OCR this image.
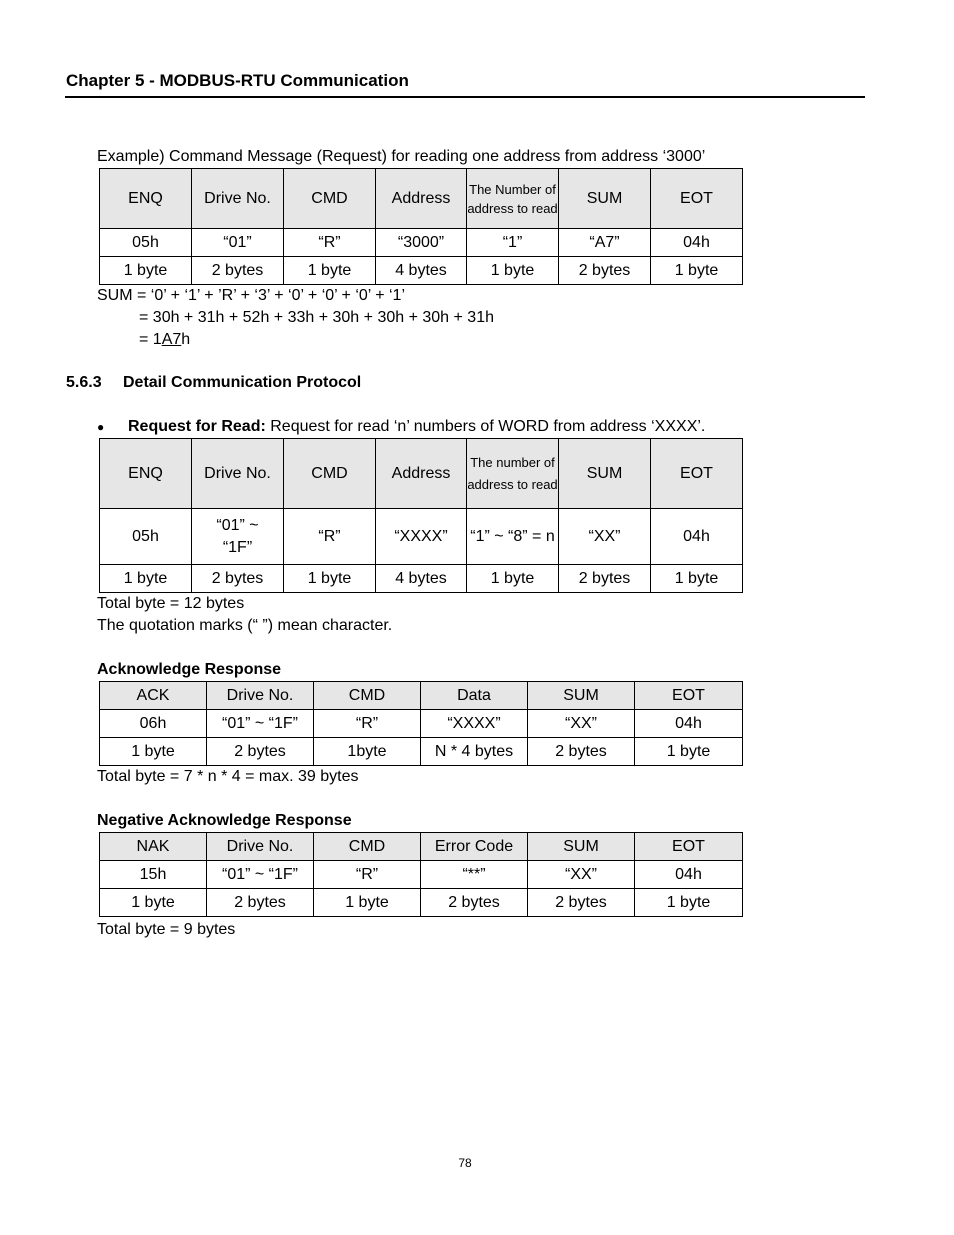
Chapter 5 - MODBUS-RTU Communication
Example) Command Message (Request) for reading one address from address ‘3000’
ENQ	Drive No.	CMD	Address	The Number of address to read	SUM	EOT
05h	“01”	“R”	“3000”	“1”	“A7”	04h
1 byte	2 bytes	1 byte	4 bytes	1 byte	2 bytes	1 byte
SUM = ‘0’ + ‘1’ + ’R’ + ‘3’ + ‘0’ + ‘0’ + ‘0’ + ‘1’
= 30h + 31h + 52h + 33h + 30h + 30h + 30h + 31h
= 1A7h
5.6.3 Detail Communication Protocol
● Request for Read: Request for read ‘n’ numbers of WORD from address ‘XXXX’.
ENQ	Drive No.	CMD	Address	The number of address to read	SUM	EOT
05h	“01” ~ “1F”	“R”	“XXXX”	“1” ~ “8” = n	“XX”	04h
1 byte	2 bytes	1 byte	4 bytes	1 byte	2 bytes	1 byte
Total byte = 12 bytes
The quotation marks (“ ”) mean character.
Acknowledge Response
ACK	Drive No.	CMD	Data	SUM	EOT
06h	“01” ~ “1F”	“R”	“XXXX”	“XX”	04h
1 byte	2 bytes	1byte	N * 4 bytes	2 bytes	1 byte
Total byte = 7 * n * 4 = max. 39 bytes
Negative Acknowledge Response
NAK	Drive No.	CMD	Error Code	SUM	EOT
15h	“01” ~ “1F”	“R”	“**”	“XX”	04h
1 byte	2 bytes	1 byte	2 bytes	2 bytes	1 byte
Total byte = 9 bytes
78
